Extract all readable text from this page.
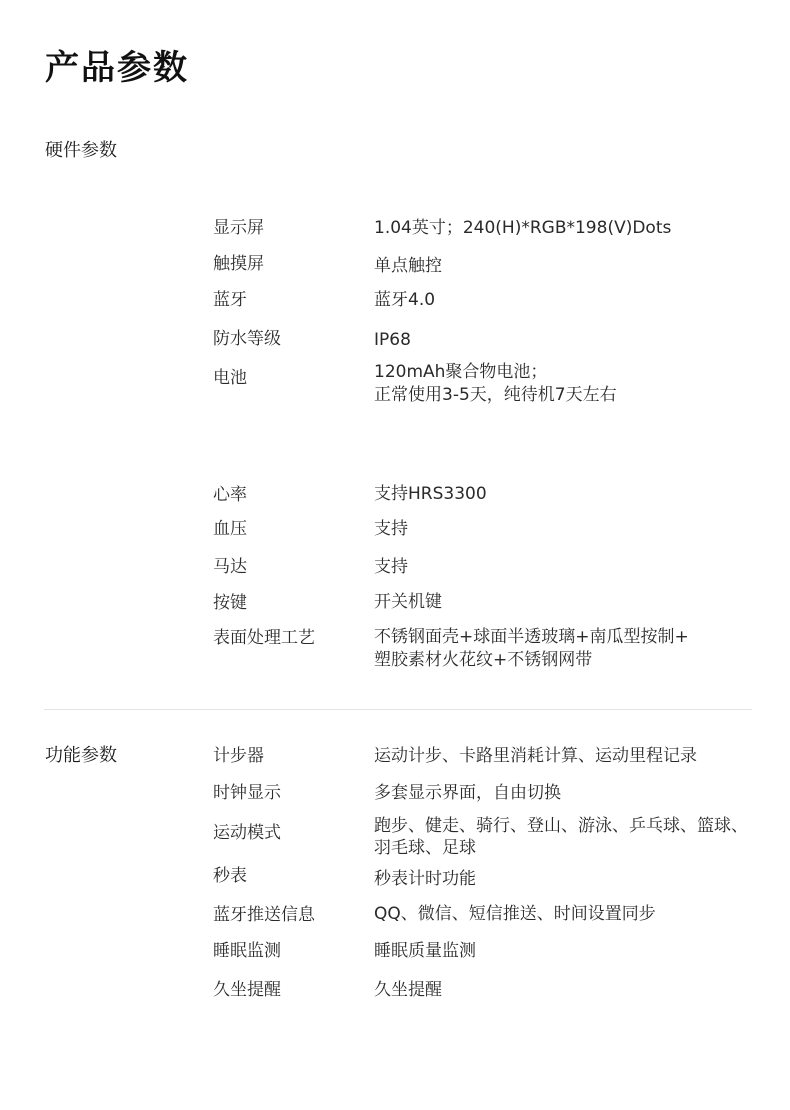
产品参数
硬件参数
显示屏	1.04英寸；240(H)*RGB*198(V)Dots
触摸屏	单点触控
蓝牙	蓝牙4.0
防水等级	IP68
电池	120mAh聚合物电池；
正常使用3-5天，纯待机7天左右
心率	支持HRS3300
血压	支持
马达	支持
按键	开关机键
表面处理工艺	不锈钢面壳+球面半透玻璃+南瓜型按制+
塑胶素材火花纹+不锈钢网带
功能参数	计步器	运动计步、卡路里消耗计算、运动里程记录
时钟显示	多套显示界面，自由切换
运动模式	跑步、健走、骑行、登山、游泳、乒乓球、篮球、
羽毛球、足球
秒表	秒表计时功能
蓝牙推送信息	QQ、微信、短信推送、时间设置同步
睡眠监测	睡眠质量监测
久坐提醒	久坐提醒
